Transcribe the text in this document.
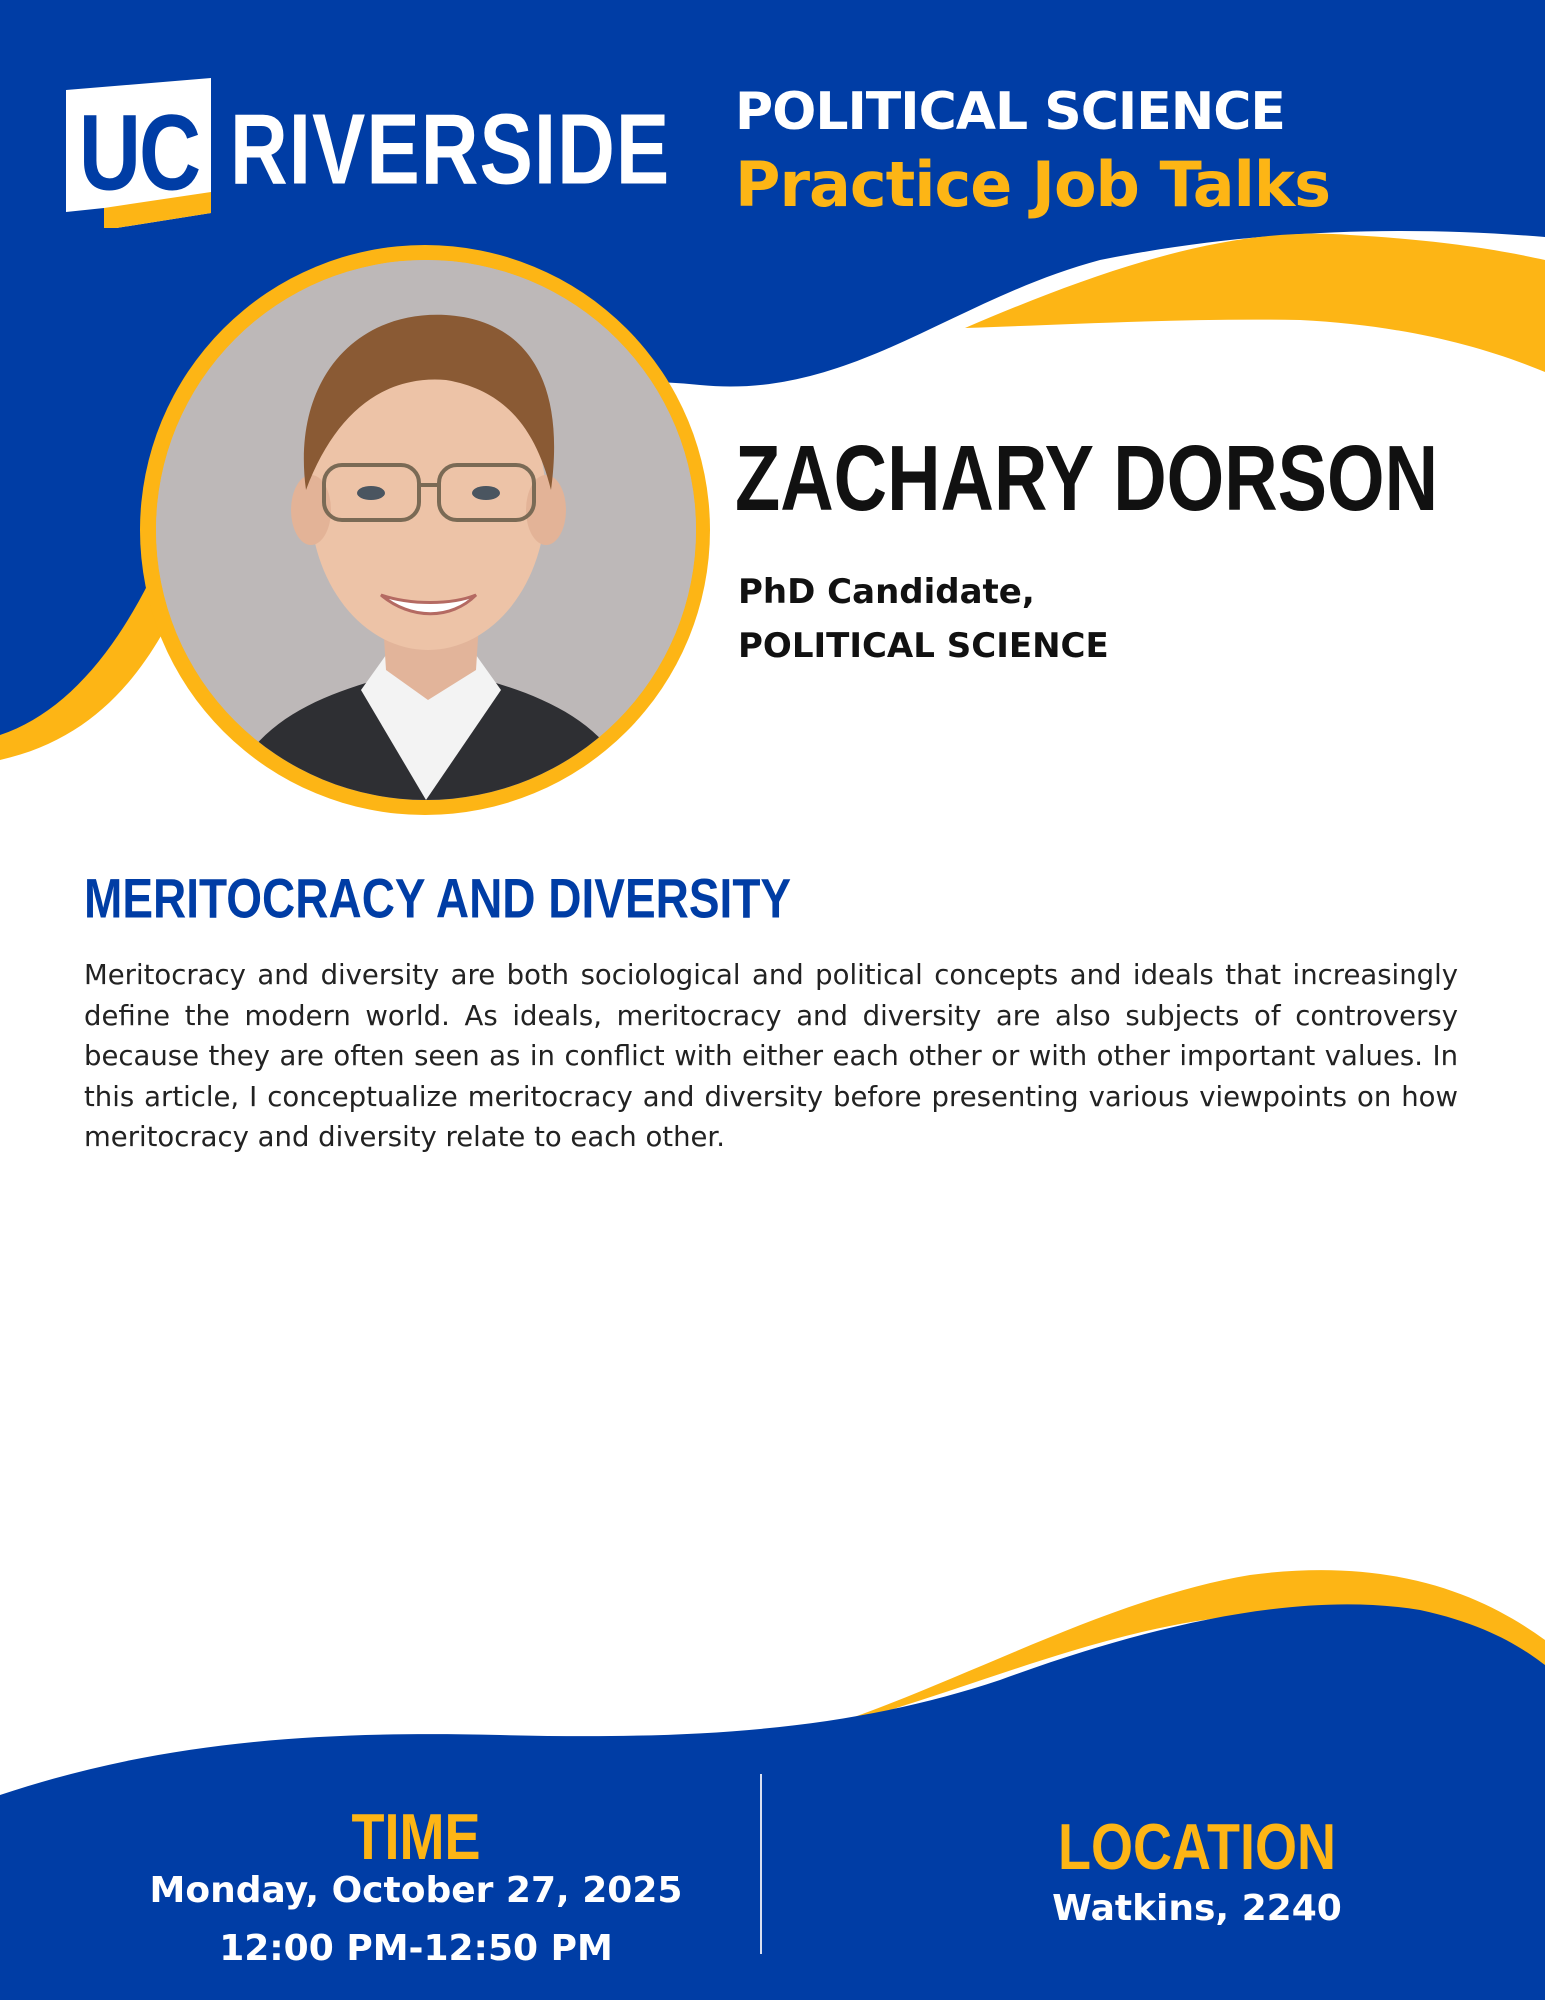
UC RIVERSIDE POLITICAL SCIENCE
Practice Job Talks
ZACHARY DORSON
PhD Candidate,
POLITICAL SCIENCE
MERITOCRACY AND DIVERSITY

Meritocracy and diversity are both sociological and political concepts and ideals that increasingly define the modern world. As ideals, meritocracy and diversity are also subjects of controversy because they are often seen as in conflict with either each other or with other important values. In this article, I conceptualize meritocracy and diversity before presenting various viewpoints on how meritocracy and diversity relate to each other.

TIME
Monday, October 27, 2025
12:00 PM-12:50 PM
LOCATION
Watkins, 2240
